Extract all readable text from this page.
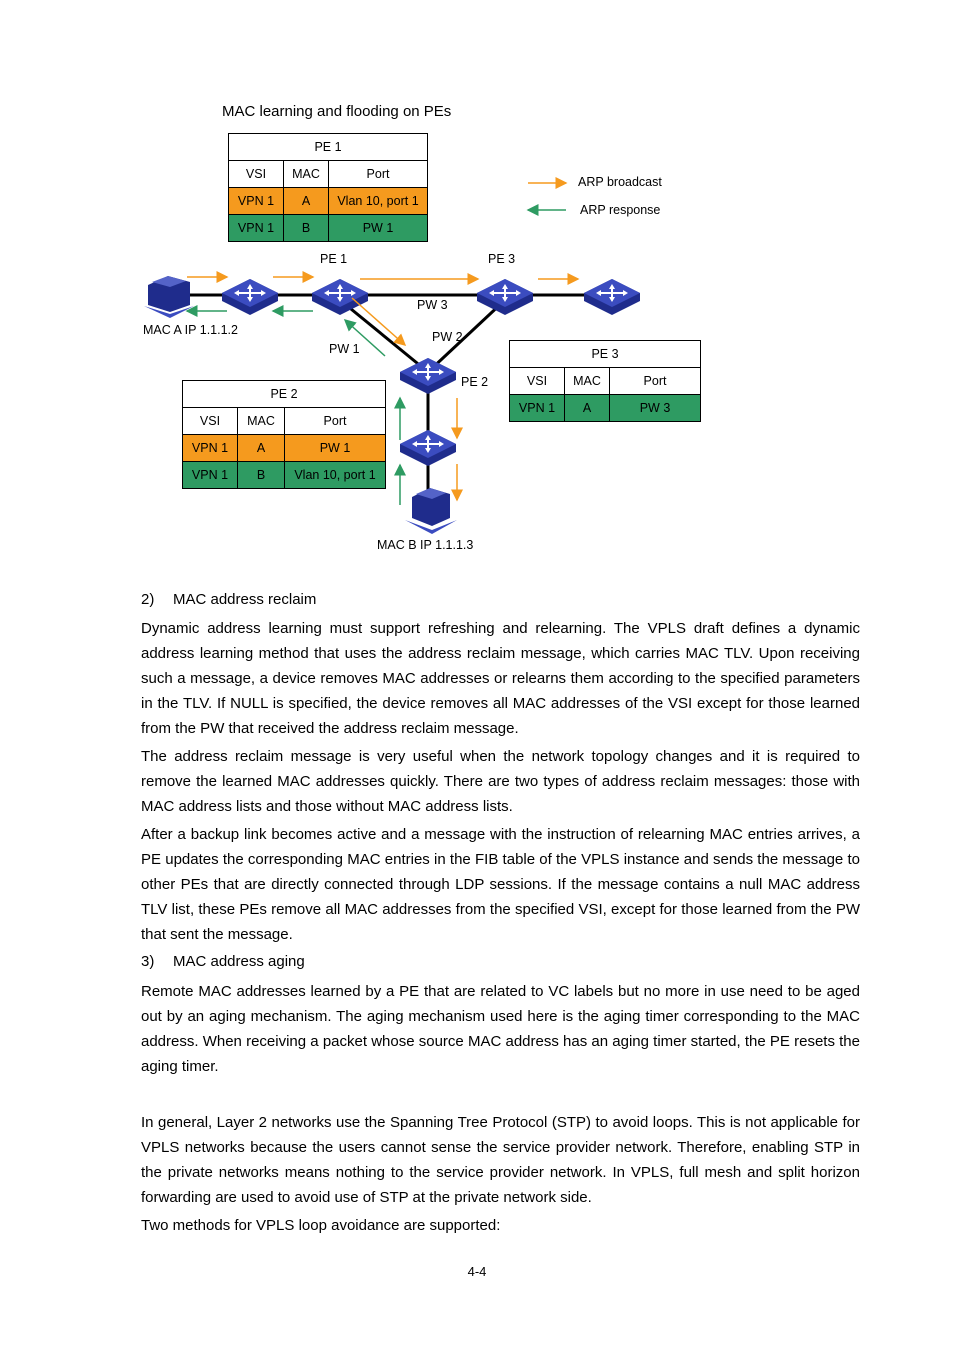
MAC learning and flooding on PEs
ARP broadcast
ARP response
PE 1	PE 3
PW 3
PW 2
PW 1
PE 2
MAC A IP 1.1.1.2
MAC B IP 1.1.1.3
PE 1		
VSI	MAC	Port
VPN 1	A	Vlan 10, port 1
VPN 1	B	PW 1
PE 3		
VSI	MAC	Port
VPN 1	A	PW 3
PE 2		
VSI	MAC	Port
VPN 1	A	PW 1
VPN 1	B	Vlan 10, port 1
2) MAC address reclaim

Dynamic address learning must support refreshing and relearning. The VPLS draft defines a dynamic address learning method that uses the address reclaim message, which carries MAC TLV. Upon receiving such a message, a device removes MAC addresses or relearns them according to the specified parameters in the TLV. If NULL is specified, the device removes all MAC addresses of the VSI except for those learned from the PW that received the address reclaim message.

The address reclaim message is very useful when the network topology changes and it is required to remove the learned MAC addresses quickly. There are two types of address reclaim messages: those with MAC address lists and those without MAC address lists.

After a backup link becomes active and a message with the instruction of relearning MAC entries arrives, a PE updates the corresponding MAC entries in the FIB table of the VPLS instance and sends the message to other PEs that are directly connected through LDP sessions. If the message contains a null MAC address TLV list, these PEs remove all MAC addresses from the specified VSI, except for those learned from the PW that sent the message.

3) MAC address aging

Remote MAC addresses learned by a PE that are related to VC labels but no more in use need to be aged out by an aging mechanism. The aging mechanism used here is the aging timer corresponding to the MAC address. When receiving a packet whose source MAC address has an aging timer started, the PE resets the aging timer.

In general, Layer 2 networks use the Spanning Tree Protocol (STP) to avoid loops. This is not applicable for VPLS networks because the users cannot sense the service provider network. Therefore, enabling STP in the private networks means nothing to the service provider network. In VPLS, full mesh and split horizon forwarding are used to avoid use of STP at the private network side.

Two methods for VPLS loop avoidance are supported:

4-4
